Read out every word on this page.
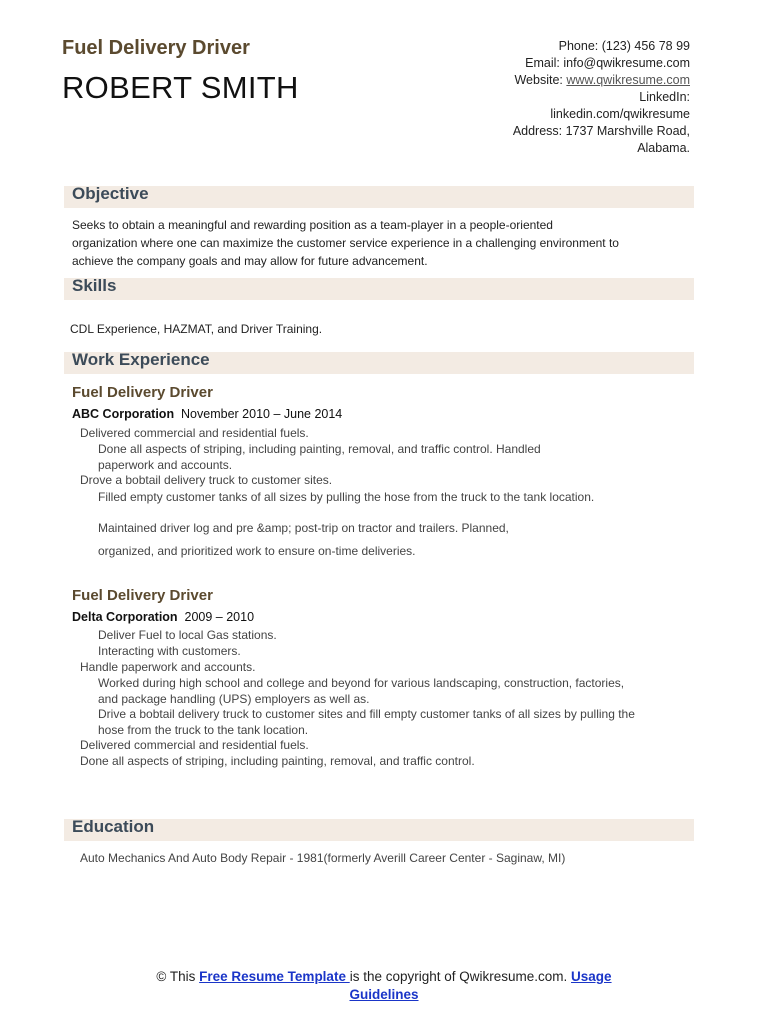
Fuel Delivery Driver
ROBERT SMITH
Phone: (123) 456 78 99
Email: info@qwikresume.com
Website: www.qwikresume.com
LinkedIn:
linkedin.com/qwikresume
Address: 1737 Marshville Road,
Alabama.
Objective
Seeks to obtain a meaningful and rewarding position as a team-player in a people-oriented
organization where one can maximize the customer service experience in a challenging environment to
achieve the company goals and may allow for future advancement.
Skills
CDL Experience, HAZMAT, and Driver Training.
Work Experience
Fuel Delivery Driver
ABC Corporation November 2010 – June 2014
Delivered commercial and residential fuels.
Done all aspects of striping, including painting, removal, and traffic control. Handled
paperwork and accounts.
Drove a bobtail delivery truck to customer sites.
Filled empty customer tanks of all sizes by pulling the hose from the truck to the tank location.
Maintained driver log and pre &amp; post-trip on tractor and trailers. Planned,
organized, and prioritized work to ensure on-time deliveries.
Fuel Delivery Driver
Delta Corporation 2009 – 2010
Deliver Fuel to local Gas stations.
Interacting with customers.
Handle paperwork and accounts.
Worked during high school and college and beyond for various landscaping, construction, factories,
and package handling (UPS) employers as well as.
Drive a bobtail delivery truck to customer sites and fill empty customer tanks of all sizes by pulling the
hose from the truck to the tank location.
Delivered commercial and residential fuels.
Done all aspects of striping, including painting, removal, and traffic control.
Education
Auto Mechanics And Auto Body Repair - 1981(formerly Averill Career Center - Saginaw, MI)
© This Free Resume Template is the copyright of Qwikresume.com. Usage
Guidelines
